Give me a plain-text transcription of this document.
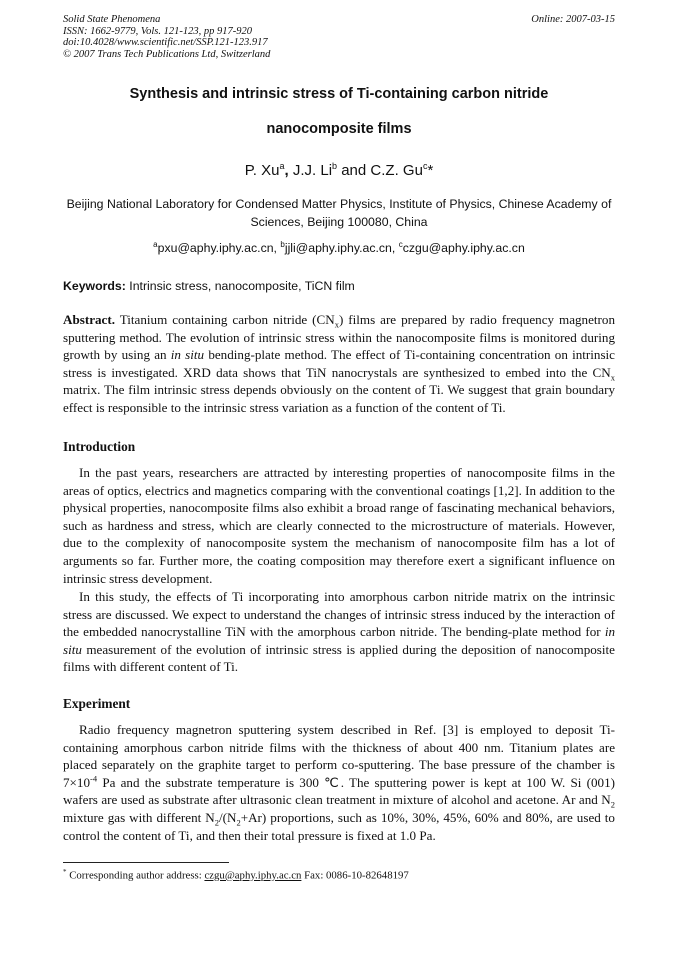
Solid State Phenomena
ISSN: 1662-9779, Vols. 121-123, pp 917-920
doi:10.4028/www.scientific.net/SSP.121-123.917
© 2007 Trans Tech Publications Ltd, Switzerland
Online: 2007-03-15
Synthesis and intrinsic stress of Ti-containing carbon nitride
nanocomposite films
P. Xu$^a$, J.J. Li$^b$ and C.Z. Gu$^c$*
Beijing National Laboratory for Condensed Matter Physics, Institute of Physics, Chinese Academy of
Sciences, Beijing 100080, China
$^a$pxu@aphy.iphy.ac.cn, $^b$jjli@aphy.iphy.ac.cn, $^c$czgu@aphy.iphy.ac.cn
Keywords: Intrinsic stress, nanocomposite, TiCN film
Abstract. Titanium containing carbon nitride $(CN_x)$ films are prepared by radio frequency magnetron sputtering method. The evolution of intrinsic stress within the nanocomposite films is monitored during growth by using an in situ bending-plate method. The effect of Ti-containing concentration on intrinsic stress is investigated. XRD data shows that TiN nanocrystals are synthesized to embed into the $CN_x$ matrix. The film intrinsic stress depends obviously on the content of Ti. We suggest that grain boundary effect is responsible to the intrinsic stress variation as a function of the content of Ti.
Introduction
In the past years, researchers are attracted by interesting properties of nanocomposite films in the areas of optics, electrics and magnetics comparing with the conventional coatings [1,2]. In addition to the physical properties, nanocomposite films also exhibit a broad range of fascinating mechanical behaviors, such as hardness and stress, which are clearly connected to the microstructure of materials. However, due to the complexity of nanocomposite system the mechanism of nanocomposite film has a lot of arguments so far. Further more, the coating composition may therefore exert a significant influence on intrinsic stress development.
In this study, the effects of Ti incorporating into amorphous carbon nitride matrix on the intrinsic stress are discussed. We expect to understand the changes of intrinsic stress induced by the interaction of the embedded nanocrystalline TiN with the amorphous carbon nitride. The bending-plate method for in situ measurement of the evolution of intrinsic stress is applied during the deposition of nanocomposite films with different content of Ti.
Experiment
Radio frequency magnetron sputtering system described in Ref. [3] is employed to deposit Ti-containing amorphous carbon nitride films with the thickness of about 400 nm. Titanium plates are placed separately on the graphite target to perform co-sputtering. The base pressure of the chamber is $7\times 10^{-4}$ Pa and the substrate temperature is 300 ℃. The sputtering power is kept at 100 W. Si (001) wafers are used as substrate after ultrasonic clean treatment in mixture of alcohol and acetone. Ar and $N_2$ mixture gas with different $N_2/(N_2+Ar)$ proportions, such as 10%, 30%, 45%, 60% and 80%, are used to control the content of Ti, and then their total pressure is fixed at 1.0 Pa.
* Corresponding author address: czgu@aphy.iphy.ac.cn Fax: 0086-10-82648197
